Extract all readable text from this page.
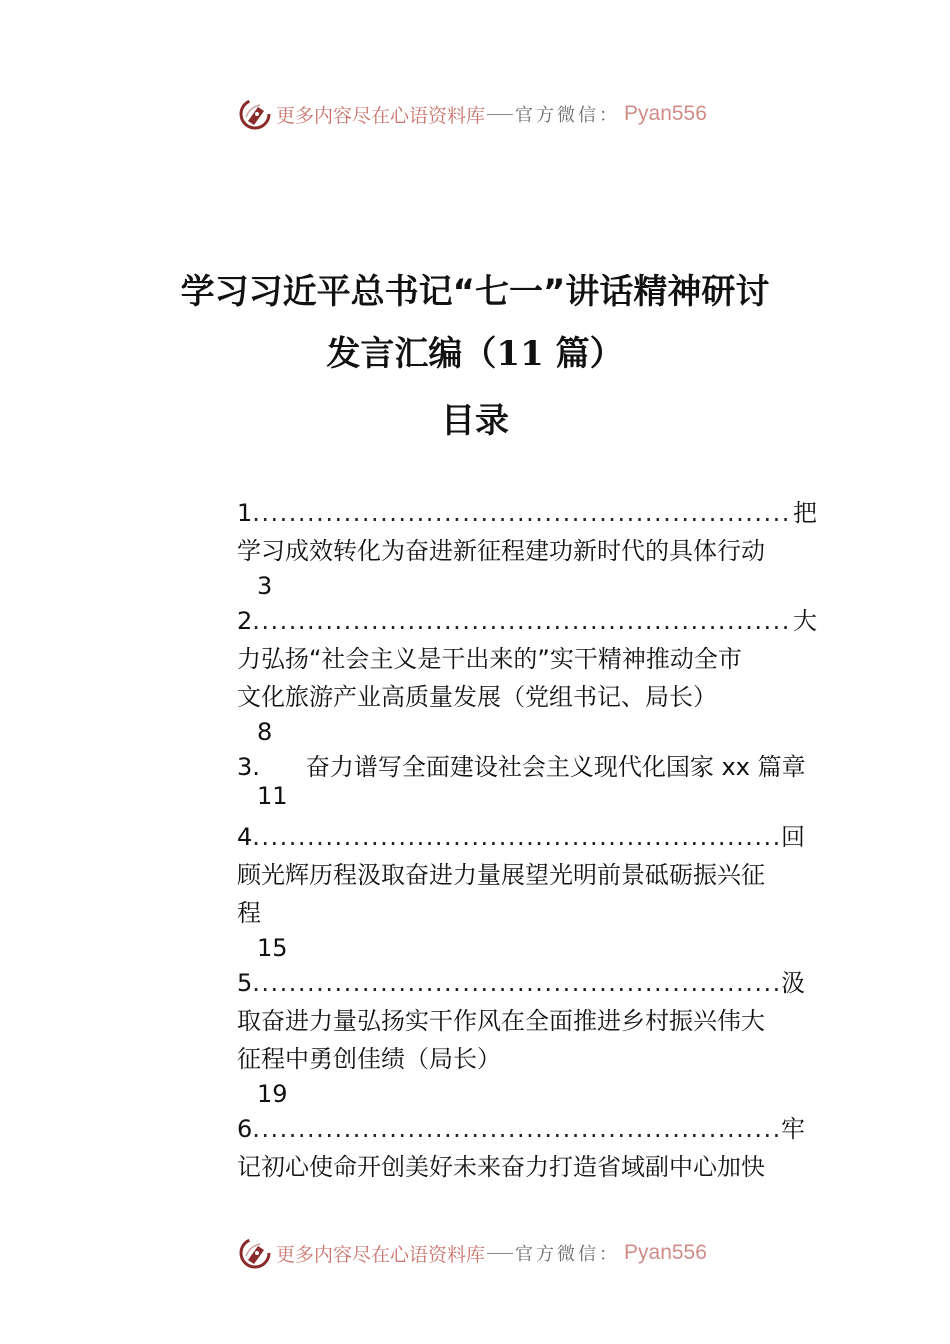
更多内容尽在心语资料库 官方微信： Pyan556
学习习近平总书记“七一”讲话精神研讨
发言汇编（11 篇）
目录
1 .....	把
学习成效转化为奋进新征程建功新时代的具体行动
3
2 .....	大
力弘扬“社会主义是干出来的”实干精神推动全市
文化旅游产业高质量发展（党组书记、局长）
8
3. 奋力谱写全面建设社会主义现代化国家 xx 篇章
11
4 .....	回
顾光辉历程汲取奋进力量展望光明前景砥砺振兴征
程
15
5 .....	汲
取奋进力量弘扬实干作风在全面推进乡村振兴伟大
征程中勇创佳绩（局长）
19
6 .....	牢
记初心使命开创美好未来奋力打造省域副中心加快
更多内容尽在心语资料库 官方微信： Pyan556
